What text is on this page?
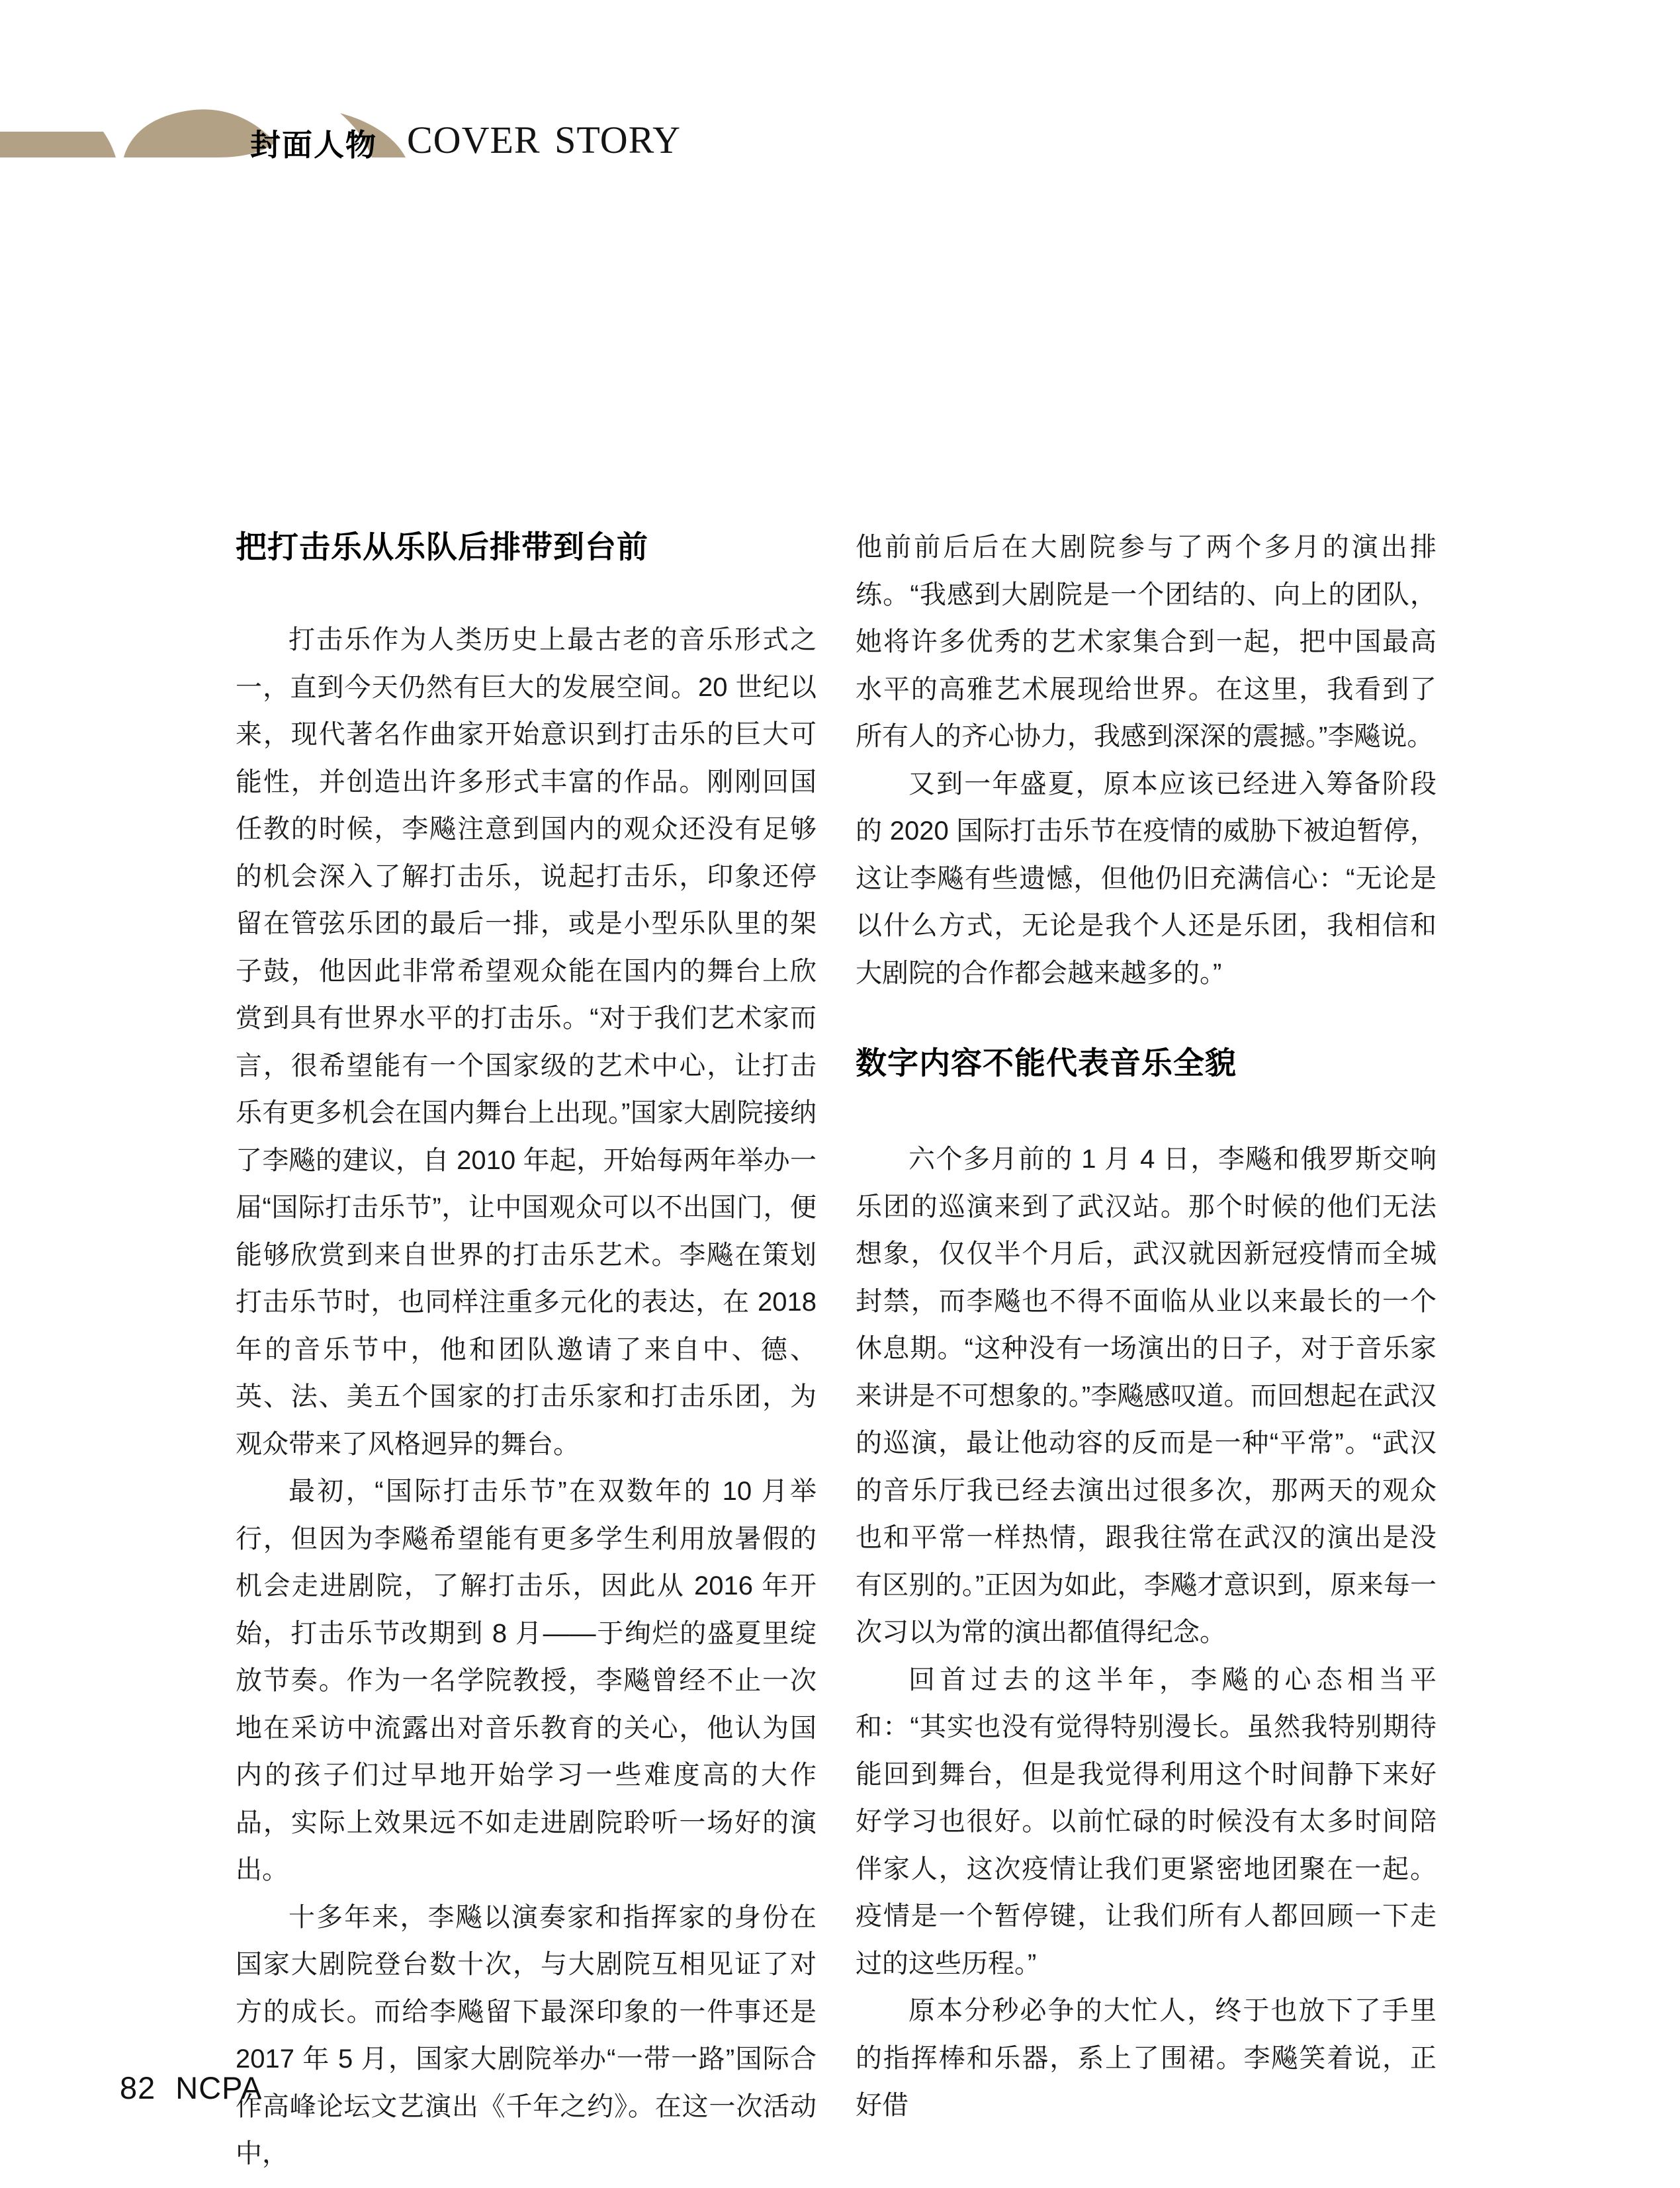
封面人物 COVER STORY
把打击乐从乐队后排带到台前

打击乐作为人类历史上最古老的音乐形式之一，直到今天仍然有巨大的发展空间。20 世纪以来，现代著名作曲家开始意识到打击乐的巨大可能性，并创造出许多形式丰富的作品。刚刚回国任教的时候，李飚注意到国内的观众还没有足够的机会深入了解打击乐，说起打击乐，印象还停留在管弦乐团的最后一排，或是小型乐队里的架子鼓，他因此非常希望观众能在国内的舞台上欣赏到具有世界水平的打击乐。“对于我们艺术家而言，很希望能有一个国家级的艺术中心，让打击乐有更多机会在国内舞台上出现。”国家大剧院接纳了李飚的建议，自 2010 年起，开始每两年举办一届“国际打击乐节”，让中国观众可以不出国门，便能够欣赏到来自世界的打击乐艺术。李飚在策划打击乐节时，也同样注重多元化的表达，在 2018 年的音乐节中，他和团队邀请了来自中、德、英、法、美五个国家的打击乐家和打击乐团，为观众带来了风格迥异的舞台。

最初，“国际打击乐节”在双数年的 10 月举行，但因为李飚希望能有更多学生利用放暑假的机会走进剧院，了解打击乐，因此从 2016 年开始，打击乐节改期到 8 月——于绚烂的盛夏里绽放节奏。作为一名学院教授，李飚曾经不止一次地在采访中流露出对音乐教育的关心，他认为国内的孩子们过早地开始学习一些难度高的大作品，实际上效果远不如走进剧院聆听一场好的演出。

十多年来，李飚以演奏家和指挥家的身份在国家大剧院登台数十次，与大剧院互相见证了对方的成长。而给李飚留下最深印象的一件事还是 2017 年 5 月，国家大剧院举办“一带一路”国际合作高峰论坛文艺演出《千年之约》。在这一次活动中，

他前前后后在大剧院参与了两个多月的演出排练。“我感到大剧院是一个团结的、向上的团队，她将许多优秀的艺术家集合到一起，把中国最高水平的高雅艺术展现给世界。在这里，我看到了所有人的齐心协力，我感到深深的震撼。”李飚说。

又到一年盛夏，原本应该已经进入筹备阶段的 2020 国际打击乐节在疫情的威胁下被迫暂停，这让李飚有些遗憾，但他仍旧充满信心：“无论是以什么方式，无论是我个人还是乐团，我相信和大剧院的合作都会越来越多的。”

数字内容不能代表音乐全貌

六个多月前的 1 月 4 日，李飚和俄罗斯交响乐团的巡演来到了武汉站。那个时候的他们无法想象，仅仅半个月后，武汉就因新冠疫情而全城封禁，而李飚也不得不面临从业以来最长的一个休息期。“这种没有一场演出的日子，对于音乐家来讲是不可想象的。”李飚感叹道。而回想起在武汉的巡演，最让他动容的反而是一种“平常”。“武汉的音乐厅我已经去演出过很多次，那两天的观众也和平常一样热情，跟我往常在武汉的演出是没有区别的。”正因为如此，李飚才意识到，原来每一次习以为常的演出都值得纪念。

回首过去的这半年，李飚的心态相当平和：“其实也没有觉得特别漫长。虽然我特别期待能回到舞台，但是我觉得利用这个时间静下来好好学习也很好。以前忙碌的时候没有太多时间陪伴家人，这次疫情让我们更紧密地团聚在一起。疫情是一个暂停键，让我们所有人都回顾一下走过的这些历程。”

原本分秒必争的大忙人，终于也放下了手里的指挥棒和乐器，系上了围裙。李飚笑着说，正好借

82 NCPA
